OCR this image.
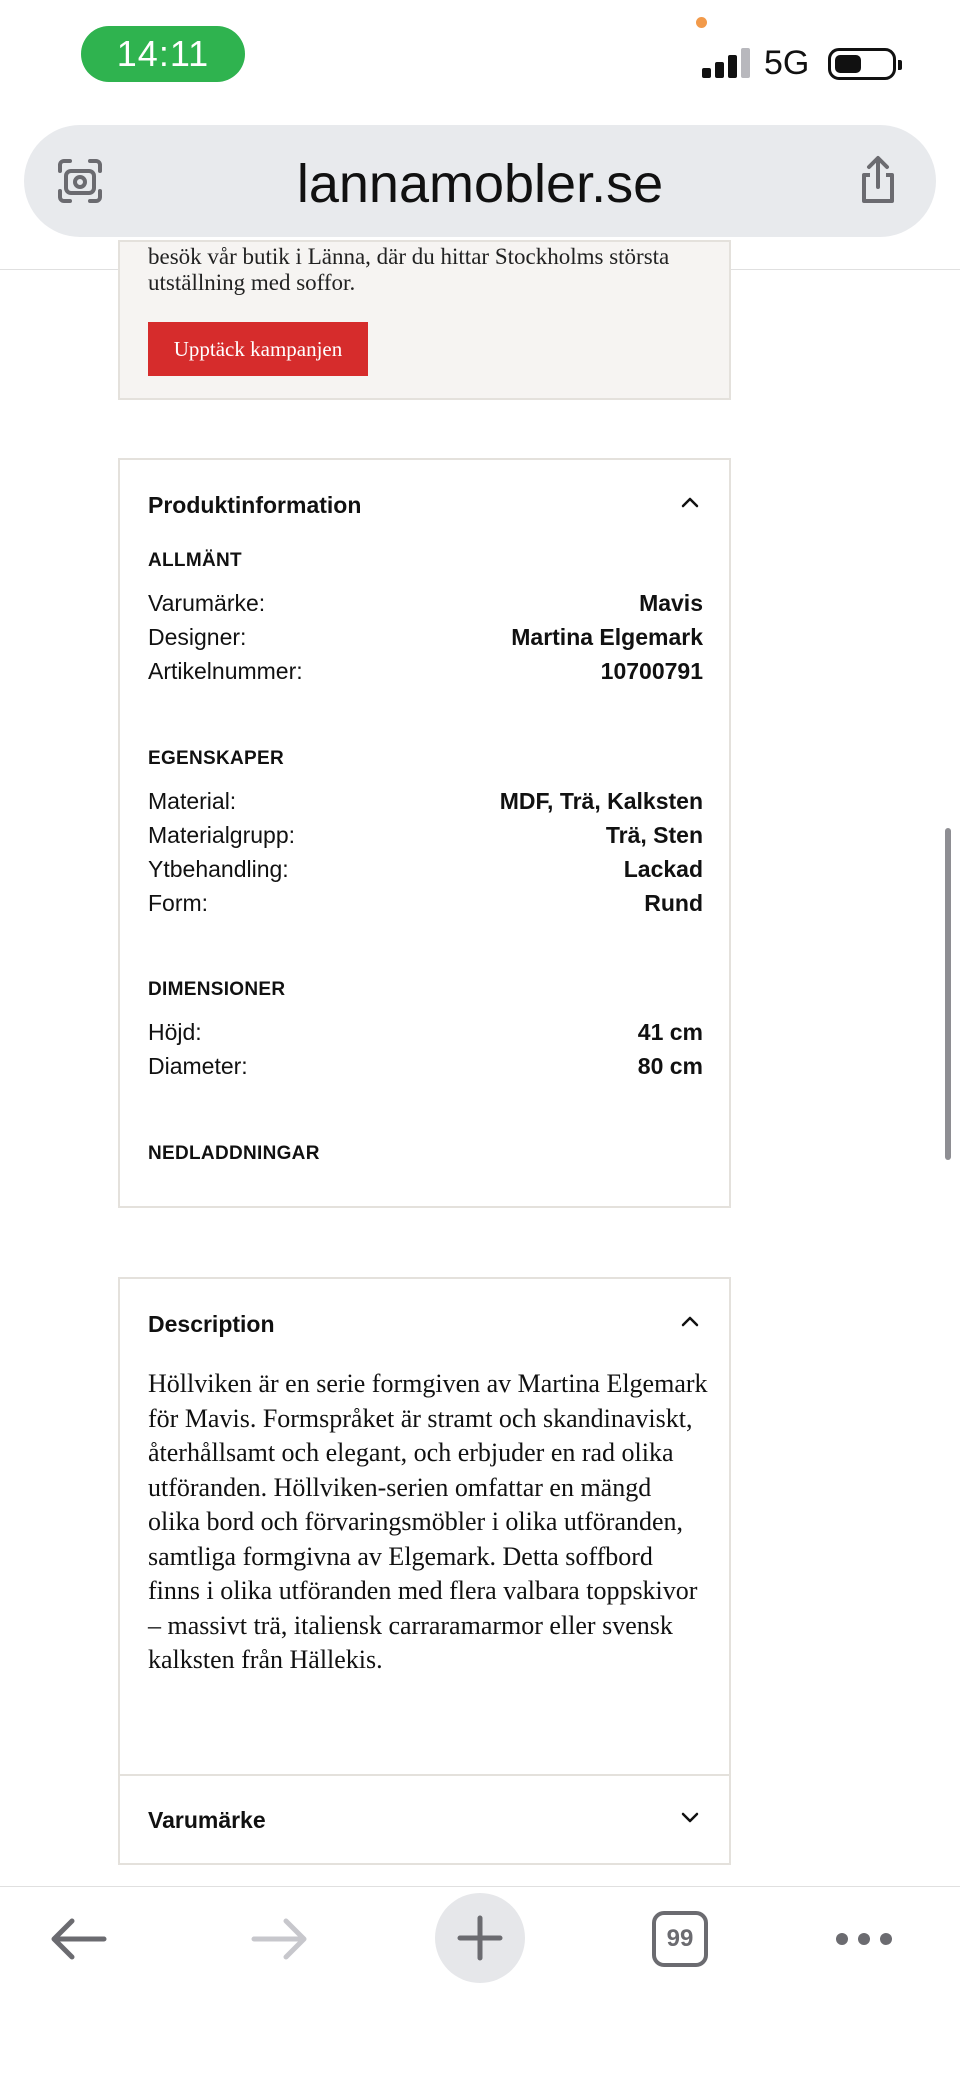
14:11	5G
lannamobler.se
besök vår butik i Länna, där du hittar Stockholms största utställning med soffor.
Upptäck kampanjen
Produktinformation
ALLMÄNT
Varumärke:	Mavis
Designer:	Martina Elgemark
Artikelnummer:	10700791
EGENSKAPER
Material:	MDF, Trä, Kalksten
Materialgrupp:	Trä, Sten
Ytbehandling:	Lackad
Form:	Rund
DIMENSIONER
Höjd:	41 cm
Diameter:	80 cm
NEDLADDNINGAR
Description
Höllviken är en serie formgiven av Martina Elgemark för Mavis. Formspråket är stramt och skandinaviskt, återhållsamt och elegant, och erbjuder en rad olika utföranden. Höllviken-serien omfattar en mängd olika bord och förvaringsmöbler i olika utföranden, samtliga formgivna av Elgemark. Detta soffbord finns i olika utföranden med flera valbara toppskivor – massivt trä, italiensk carraramarmor eller svensk kalksten från Hällekis.
Varumärke
99
